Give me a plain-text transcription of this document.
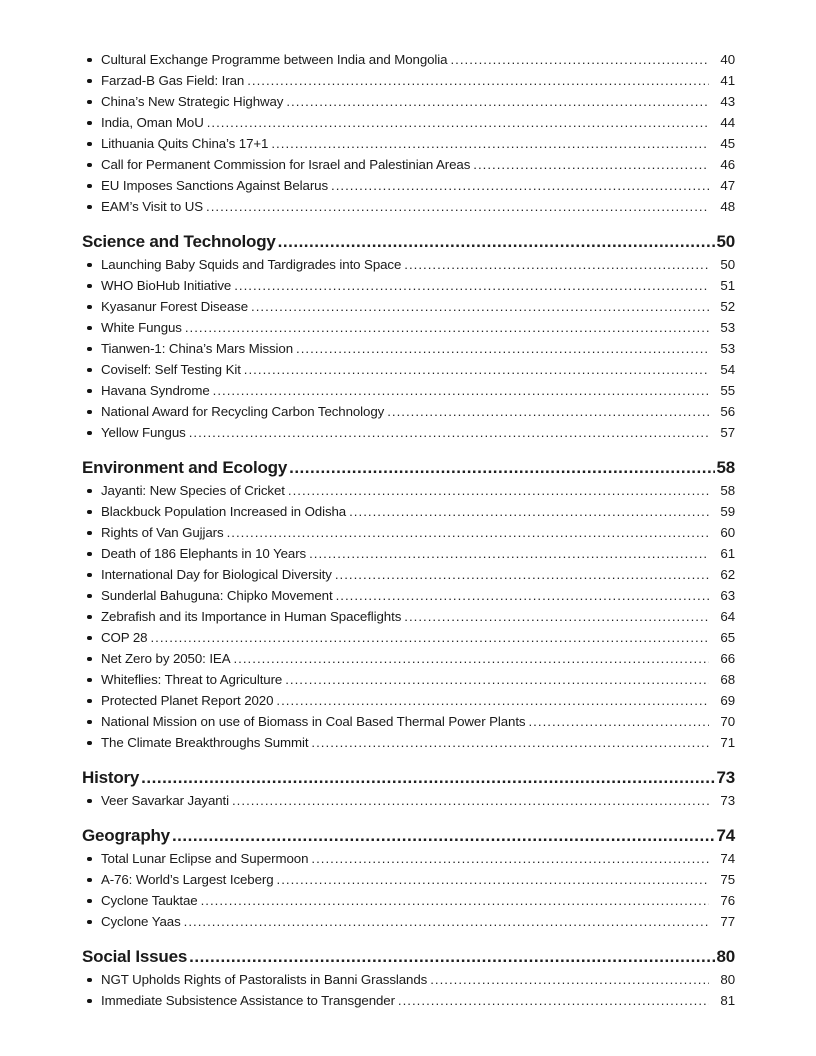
Cultural Exchange Programme between India and Mongolia .....	40
Farzad-B Gas Field: Iran .....	41
China’s New Strategic Highway .....	43
India, Oman MoU .....	44
Lithuania Quits China’s 17+1 .....	45
Call for Permanent Commission for Israel and Palestinian Areas .....	46
EU Imposes Sanctions Against Belarus .....	47
EAM’s Visit to US .....	48
Science and Technology .....	50
Launching Baby Squids and Tardigrades into Space .....	50
WHO BioHub Initiative .....	51
Kyasanur Forest Disease .....	52
White Fungus .....	53
Tianwen-1: China’s Mars Mission .....	53
Coviself: Self Testing Kit .....	54
Havana Syndrome .....	55
National Award for Recycling Carbon Technology .....	56
Yellow Fungus .....	57
Environment and Ecology .....	58
Jayanti: New Species of Cricket .....	58
Blackbuck Population Increased in Odisha .....	59
Rights of Van Gujjars .....	60
Death of 186 Elephants in 10 Years .....	61
International Day for Biological Diversity .....	62
Sunderlal Bahuguna: Chipko Movement .....	63
Zebrafish and its Importance in Human Spaceflights .....	64
COP 28 .....	65
Net Zero by 2050: IEA .....	66
Whiteflies: Threat to Agriculture .....	68
Protected Planet Report 2020 .....	69
National Mission on use of Biomass in Coal Based Thermal Power Plants .....	70
The Climate Breakthroughs Summit .....	71
History .....	73
Veer Savarkar Jayanti .....	73
Geography .....	74
Total Lunar Eclipse and Supermoon .....	74
A-76: World’s Largest Iceberg .....	75
Cyclone Tauktae .....	76
Cyclone Yaas .....	77
Social Issues .....	80
NGT Upholds Rights of Pastoralists in Banni Grasslands .....	80
Immediate Subsistence Assistance to Transgender .....	81
